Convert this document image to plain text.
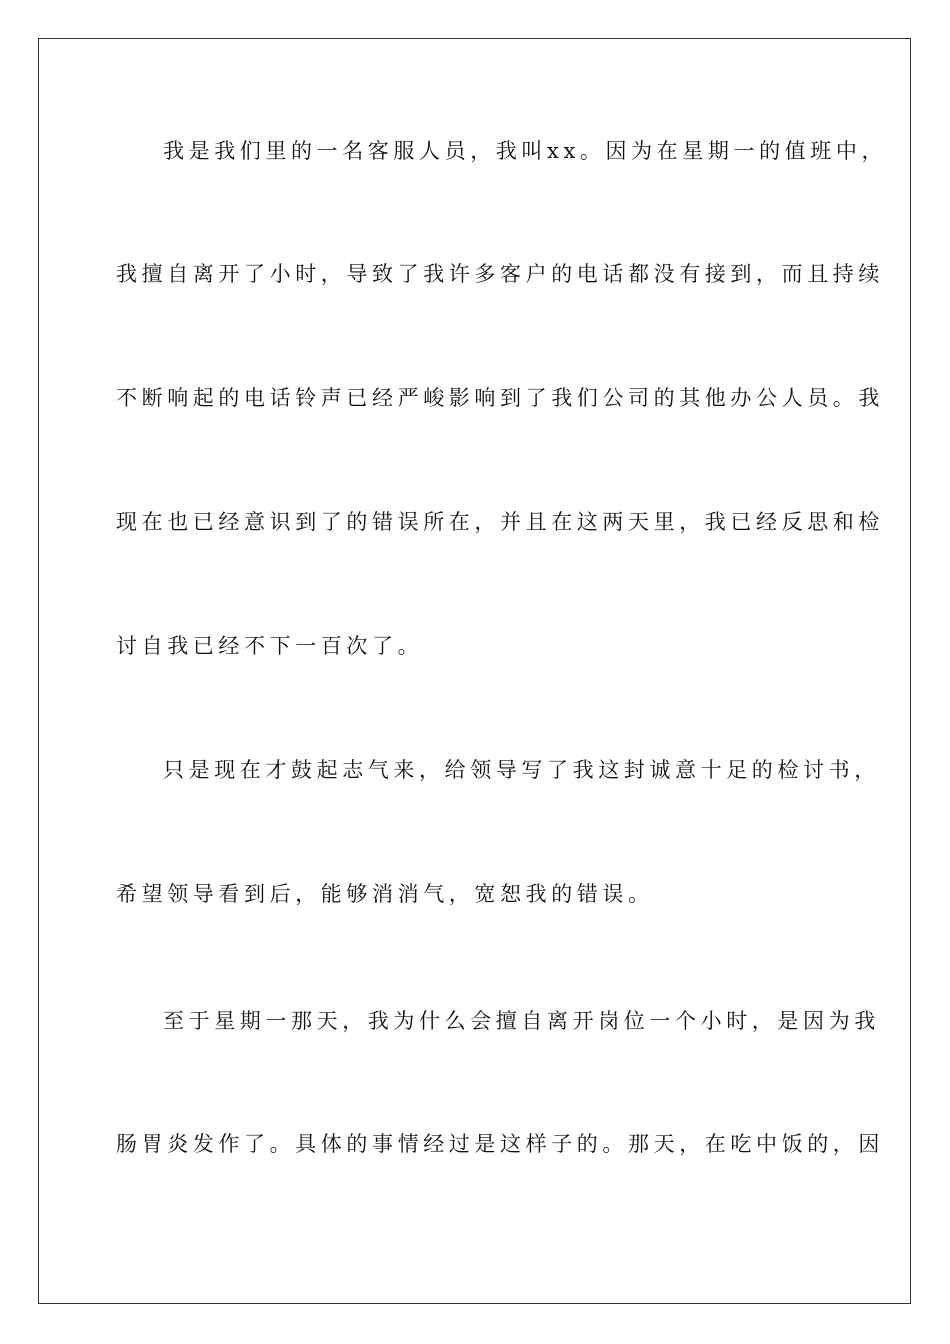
我是我们里的一名客服人员，我叫xx。因为在星期一的值班中，

我擅自离开了小时，导致了我许多客户的电话都没有接到，而且持续

不断响起的电话铃声已经严峻影响到了我们公司的其他办公人员。我

现在也已经意识到了的错误所在，并且在这两天里，我已经反思和检

讨自我已经不下一百次了。

只是现在才鼓起志气来，给领导写了我这封诚意十足的检讨书，

希望领导看到后，能够消消气，宽恕我的错误。

至于星期一那天，我为什么会擅自离开岗位一个小时，是因为我

肠胃炎发作了。具体的事情经过是这样子的。那天，在吃中饭的，因
